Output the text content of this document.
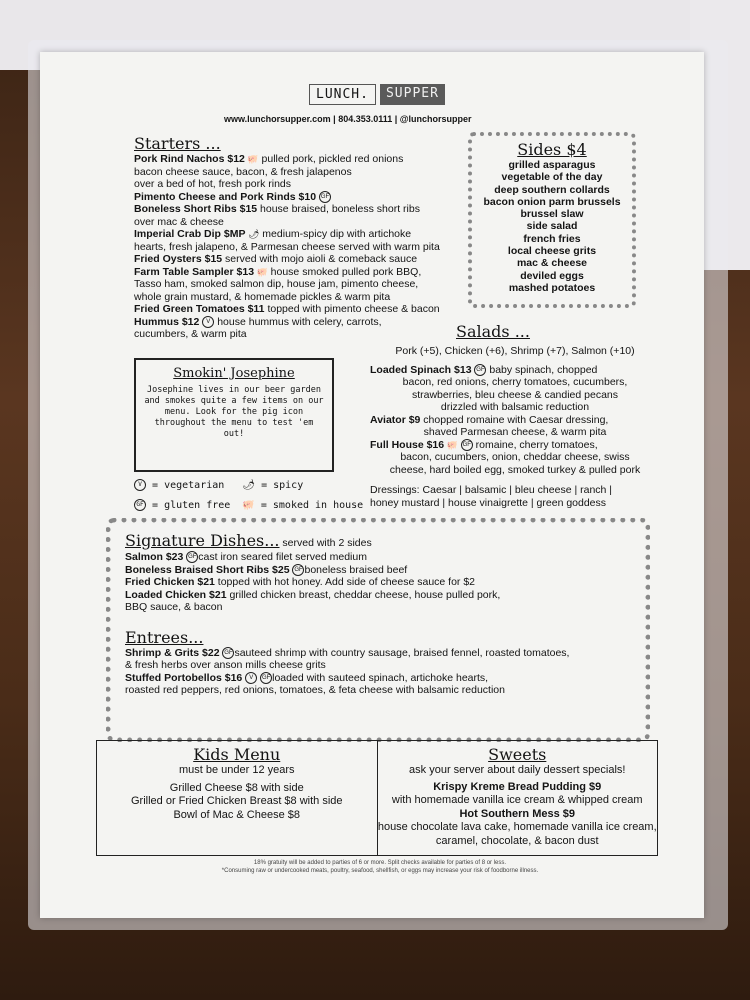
LUNCH.	SUPPER
www.lunchorsupper.com | 804.353.0111 | @lunchorsupper
Starters ...
Pork Rind Nachos $12 🐖 pulled pork, pickled red onions
bacon cheese sauce, bacon, & fresh jalapenos
over a bed of hot, fresh pork rinds
Pimento Cheese and Pork Rinds $10 GF
Boneless Short Ribs $15 house braised, boneless short ribs
over mac & cheese
Imperial Crab Dip $MP 🌶 medium-spicy dip with artichoke
hearts, fresh jalapeno, & Parmesan cheese served with warm pita
Fried Oysters $15 served with mojo aioli & comeback sauce
Farm Table Sampler $13 🐖 house smoked pulled pork BBQ,
Tasso ham, smoked salmon dip, house jam, pimento cheese,
whole grain mustard, & homemade pickles & warm pita
Fried Green Tomatoes $11 topped with pimento cheese & bacon
Hummus $12 V house hummus with celery, carrots,
cucumbers, & warm pita
Sides $4
grilled asparagus
vegetable of the day
deep southern collards
bacon onion parm brussels
brussel slaw
side salad
french fries
local cheese grits
mac & cheese
deviled eggs
mashed potatoes
Smokin' Josephine
Josephine lives in our beer garden and smokes quite a few items on our menu. Look for the pig icon throughout the menu to test 'em out!
V = vegetarian 🌶 = spicy
GF = gluten free 🐖 = smoked in house
Salads ...
Pork (+5), Chicken (+6), Shrimp (+7), Salmon (+10)
Loaded Spinach $13 GF baby spinach, chopped
bacon, red onions, cherry tomatoes, cucumbers,
strawberries, bleu cheese & candied pecans
drizzled with balsamic reduction
Aviator $9 chopped romaine with Caesar dressing,
shaved Parmesan cheese, & warm pita
Full House $16 🐖 GF romaine, cherry tomatoes,
bacon, cucumbers, onion, cheddar cheese, swiss
cheese, hard boiled egg, smoked turkey & pulled pork
Dressings: Caesar | balsamic | bleu cheese | ranch |
honey mustard | house vinaigrette | green goddess
Signature Dishes... served with 2 sides
Salmon $23 GF cast iron seared filet served medium
Boneless Braised Short Ribs $25 GF boneless braised beef
Fried Chicken $21 topped with hot honey. Add side of cheese sauce for $2
Loaded Chicken $21 grilled chicken breast, cheddar cheese, house pulled pork,
BBQ sauce, & bacon
Entrees...
Shrimp & Grits $22 GF sauteed shrimp with country sausage, braised fennel, roasted tomatoes,
& fresh herbs over anson mills cheese grits
Stuffed Portobellos $16 V GF loaded with sauteed spinach, artichoke hearts,
roasted red peppers, red onions, tomatoes, & feta cheese with balsamic reduction
Kids Menu
must be under 12 years
Grilled Cheese $8 with side
Grilled or Fried Chicken Breast $8 with side
Bowl of Mac & Cheese $8
Sweets
ask your server about daily dessert specials!
Krispy Kreme Bread Pudding $9
with homemade vanilla ice cream & whipped cream
Hot Southern Mess $9
house chocolate lava cake, homemade vanilla ice cream,
caramel, chocolate, & bacon dust
18% gratuity will be added to parties of 6 or more. Split checks available for parties of 8 or less.
*Consuming raw or undercooked meats, poultry, seafood, shellfish, or eggs may increase your risk of foodborne illness.
